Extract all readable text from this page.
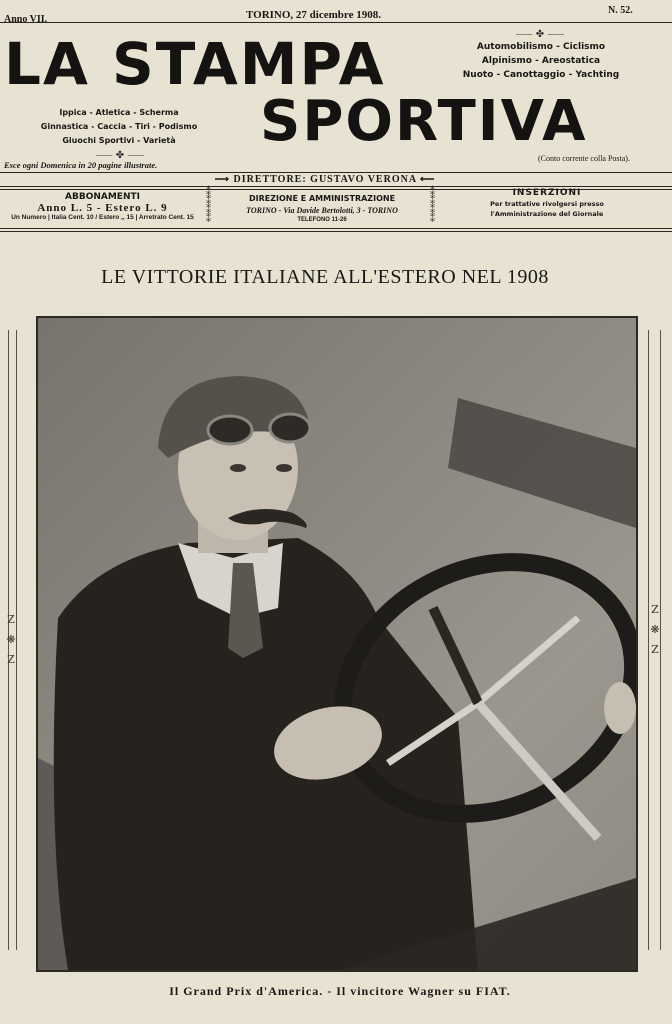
Anno VII.	TORINO, 27 dicembre 1908.	N. 52.
LA STAMPA
SPORTIVA
⸺ ✤ ⸺
Automobilismo - Ciclismo
Alpinismo - Areostatica
Nuoto - Canottaggio - Yachting
Ippica - Atletica - Scherma
Ginnastica - Caccia - Tiri - Podismo
Giuochi Sportivi - Varietà
⸺ ✤ ⸺
Esce ogni Domenica in 20 pagine illustrate.
(Conto corrente colla Posta).
⟶ DIRETTORE: GUSTAVO VERONA ⟵
ABBONAMENTI
Anno L. 5 - Estero L. 9
Un Numero | Italia Cent. 10 / Estero ,, 15 | Arretrato Cent. 15
⁑
⁑
⁑
⁑
DIREZIONE E AMMINISTRAZIONE
TORINO - Via Davide Bertolotti, 3 - TORINO
TELEFONO 11-26
⁑
⁑
⁑
⁑
INSERZIONI
Per trattative rivolgersi presso
l'Amministrazione del Giornale
LE VITTORIE ITALIANE ALL'ESTERO NEL 1908
Z
❋
Z
Z
❋
Z
Il Grand Prix d'America. - Il vincitore Wagner su FIAT.
